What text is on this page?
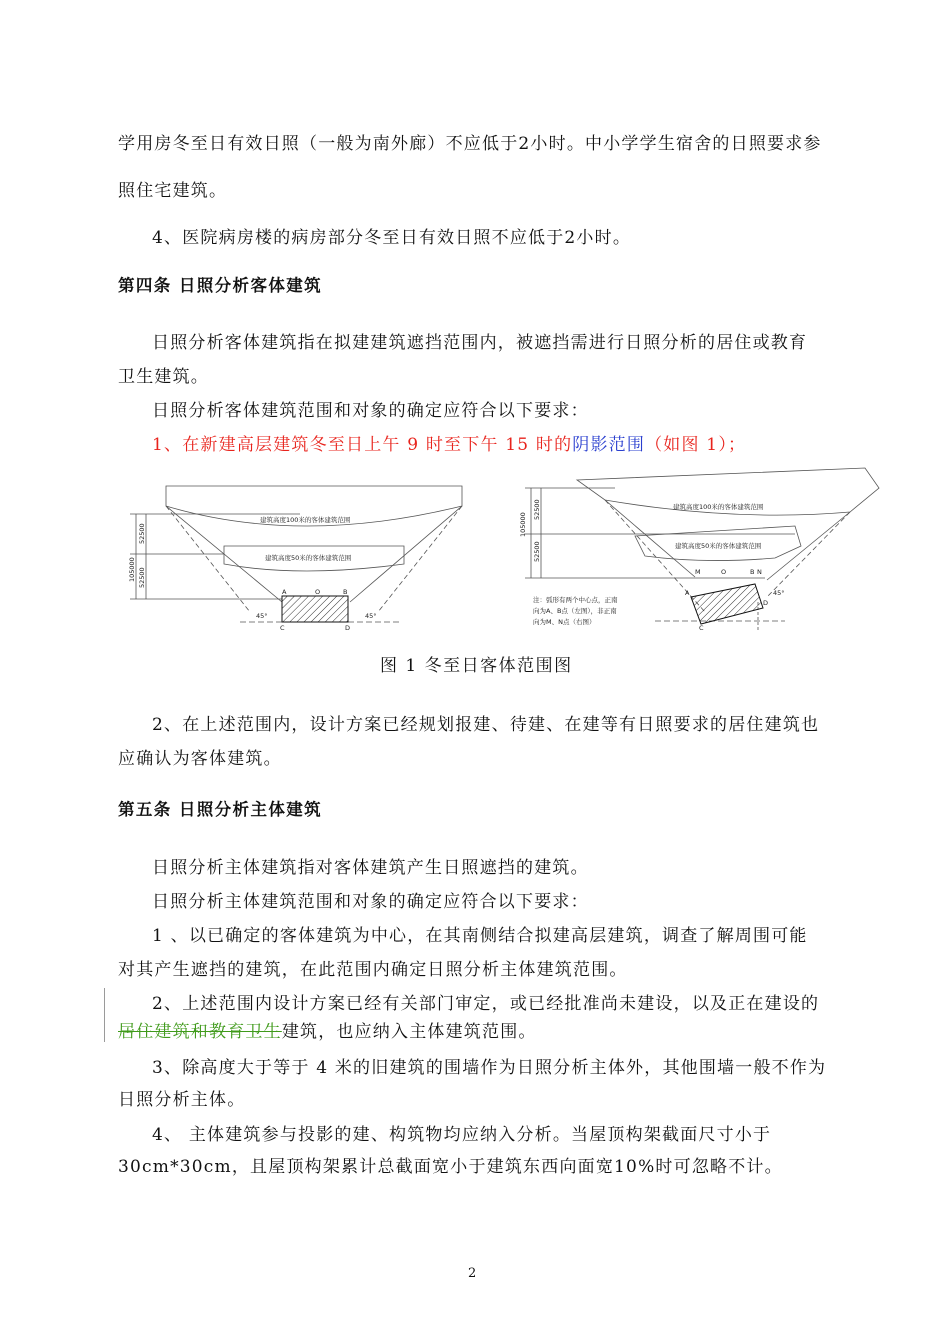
学用房冬至日有效日照（一般为南外廊）不应低于2小时。中小学学生宿舍的日照要求参
照住宅建筑。
4、医院病房楼的病房部分冬至日有效日照不应低于2小时。
第四条 日照分析客体建筑
日照分析客体建筑指在拟建建筑遮挡范围内，被遮挡需进行日照分析的居住或教育
卫生建筑。
日照分析客体建筑范围和对象的确定应符合以下要求：
1、在新建高层建筑冬至日上午 9 时至下午 15 时的阴影范围（如图 1）；
建筑高度100米的客体建筑范围
建筑高度50米的客体建筑范围
A	B
O
C	D
45°	45°
105000
52500
52500
建筑高度100米的客体建筑范围
建筑高度50米的客体建筑范围
M	O	B N
A
C
D
45°
105000
52500
52500
注：弧形有两个中心点，正南
向为A、B点（左图），非正南
向为M、N点（右图）
图 1 冬至日客体范围图
2、在上述范围内，设计方案已经规划报建、待建、在建等有日照要求的居住建筑也
应确认为客体建筑。
第五条 日照分析主体建筑
日照分析主体建筑指对客体建筑产生日照遮挡的建筑。
日照分析主体建筑范围和对象的确定应符合以下要求：
1 、以已确定的客体建筑为中心，在其南侧结合拟建高层建筑，调查了解周围可能
对其产生遮挡的建筑，在此范围内确定日照分析主体建筑范围。
2、上述范围内设计方案已经有关部门审定，或已经批准尚未建设，以及正在建设的
居住建筑和教育卫生建筑，也应纳入主体建筑范围。
3、除高度大于等于 4 米的旧建筑的围墙作为日照分析主体外，其他围墙一般不作为
日照分析主体。
4、 主体建筑参与投影的建、构筑物均应纳入分析。当屋顶构架截面尺寸小于
30cm*30cm，且屋顶构架累计总截面宽小于建筑东西向面宽10%时可忽略不计。
2
